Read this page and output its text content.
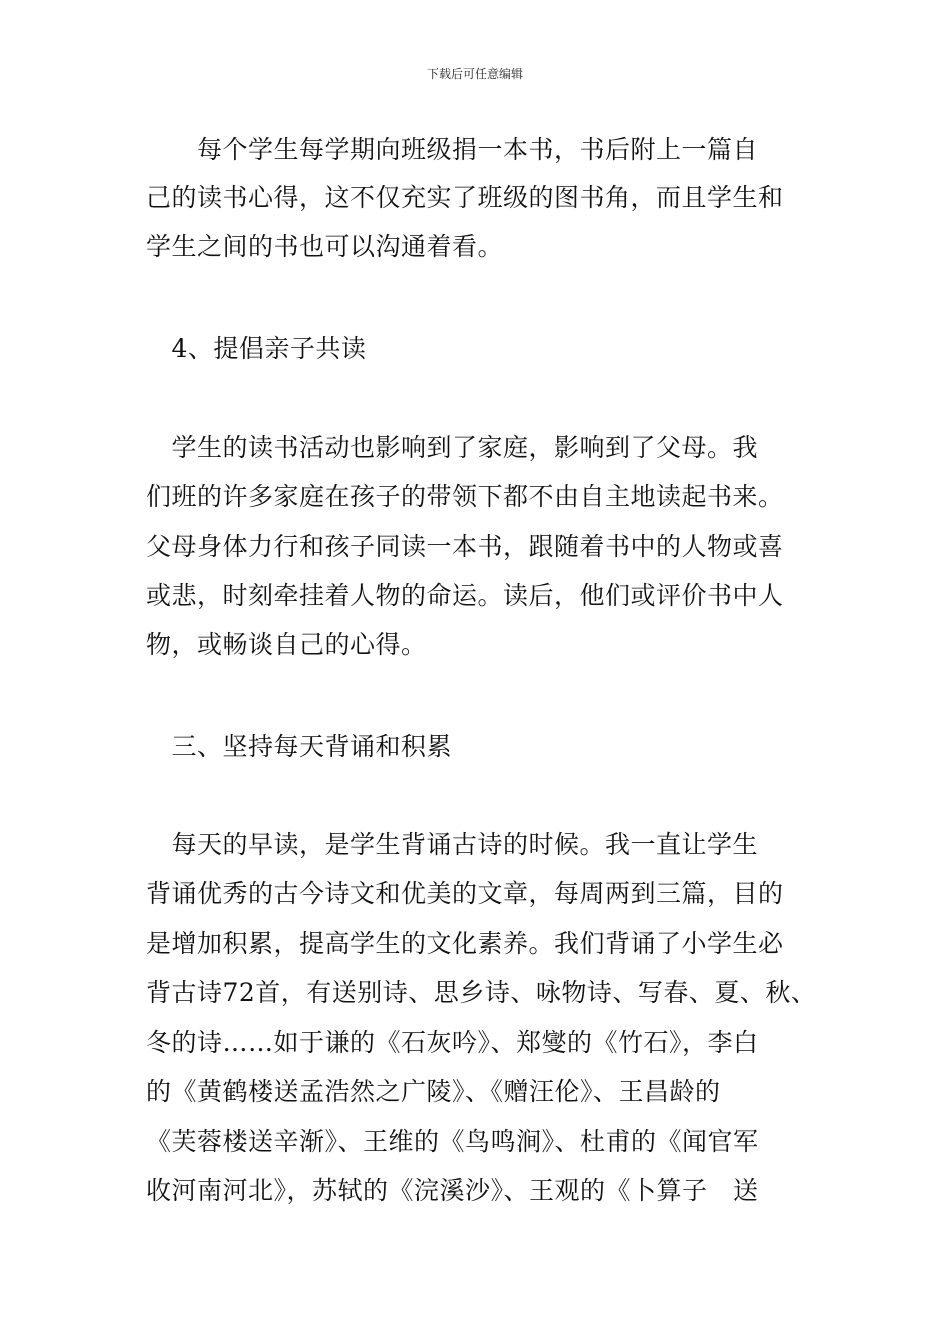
下载后可任意编辑
　　每个学生每学期向班级捐一本书，书后附上一篇自
己的读书心得，这不仅充实了班级的图书角，而且学生和
学生之间的书也可以沟通着看。
　4、提倡亲子共读
　学生的读书活动也影响到了家庭，影响到了父母。我
们班的许多家庭在孩子的带领下都不由自主地读起书来。
父母身体力行和孩子同读一本书，跟随着书中的人物或喜
或悲，时刻牵挂着人物的命运。读后，他们或评价书中人
物，或畅谈自己的心得。
　三、坚持每天背诵和积累
　每天的早读，是学生背诵古诗的时候。我一直让学生
背诵优秀的古今诗文和优美的文章，每周两到三篇，目的
是增加积累，提高学生的文化素养。我们背诵了小学生必
背古诗72首，有送别诗、思乡诗、咏物诗、写春、夏、秋、
冬的诗……如于谦的《石灰吟》、郑燮的《竹石》，李白
的《黄鹤楼送孟浩然之广陵》、《赠汪伦》、王昌龄的
《芙蓉楼送辛渐》、王维的《鸟鸣涧》、杜甫的《闻官军
收河南河北》，苏轼的《浣溪沙》、王观的《卜算子　送
